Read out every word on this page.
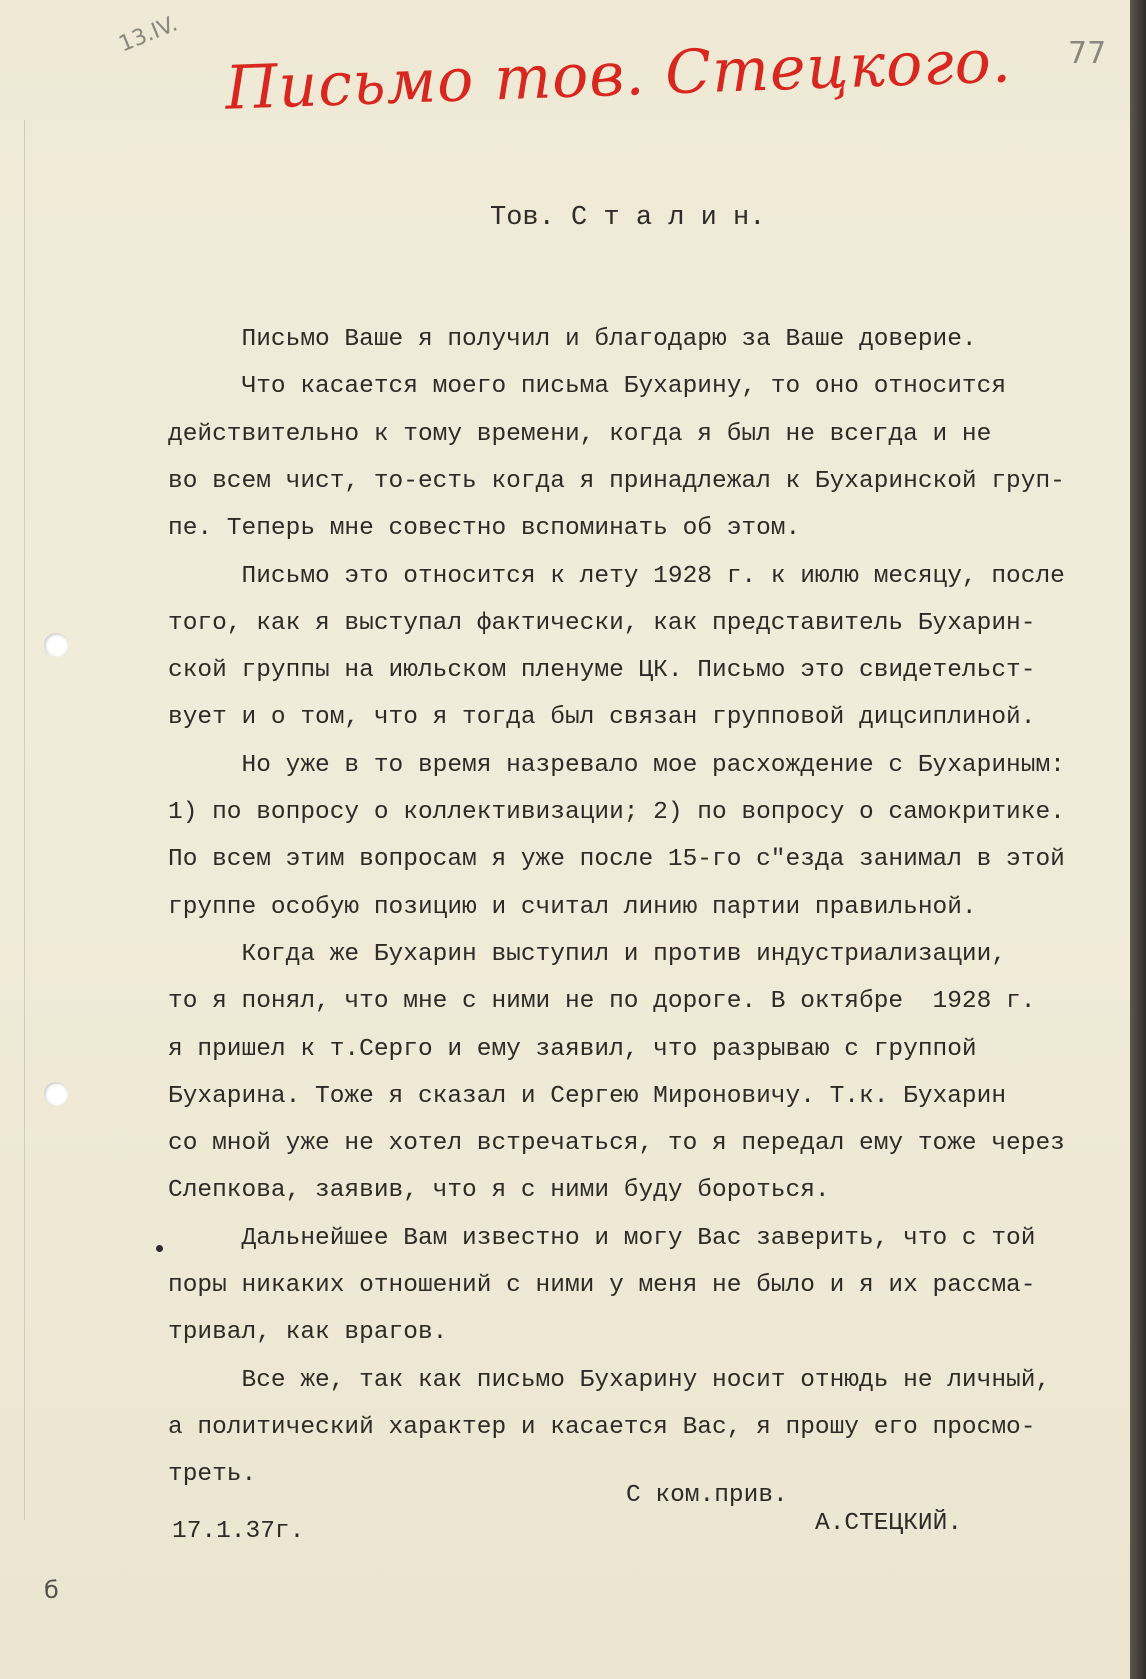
13.IV. Письмо тов. Стецкого. 77
Тов. С т а л и н.
Письмо Ваше я получил и благодарю за Ваше доверие.
Что касается моего письма Бухарину, то оно относится
действительно к тому времени, когда я был не всегда и не
во всем чист, то-есть когда я принадлежал к Бухаринской груп-
пе. Теперь мне совестно вспоминать об этом.
Письмо это относится к лету 1928 г. к июлю месяцу, после
того, как я выступал фактически, как представитель Бухарин-
ской группы на июльском пленуме ЦК. Письмо это свидетельст-
вует и о том, что я тогда был связан групповой дицсиплиной.
Но уже в то время назревало мое расхождение с Бухариным:
1) по вопросу о коллективизации; 2) по вопросу о самокритике.
По всем этим вопросам я уже после 15-го с"езда занимал в этой
группе особую позицию и считал линию партии правильной.
Когда же Бухарин выступил и против индустриализации,
то я понял, что мне с ними не по дороге. В октябре  1928 г.
я пришел к т.Серго и ему заявил, что разрываю с группой
Бухарина. Тоже я сказал и Сергею Мироновичу. Т.к. Бухарин
со мной уже не хотел встречаться, то я передал ему тоже через
Слепкова, заявив, что я с ними буду бороться.
Дальнейшее Вам известно и могу Вас заверить, что с той
поры никаких отношений с ними у меня не было и я их рассма-
тривал, как врагов.
Все же, так как письмо Бухарину носит отнюдь не личный,
а политический характер и касается Вас, я прошу его просмо-
треть.
С ком.прив.
А.СТЕЦКИЙ.
17.1.37г.
б
